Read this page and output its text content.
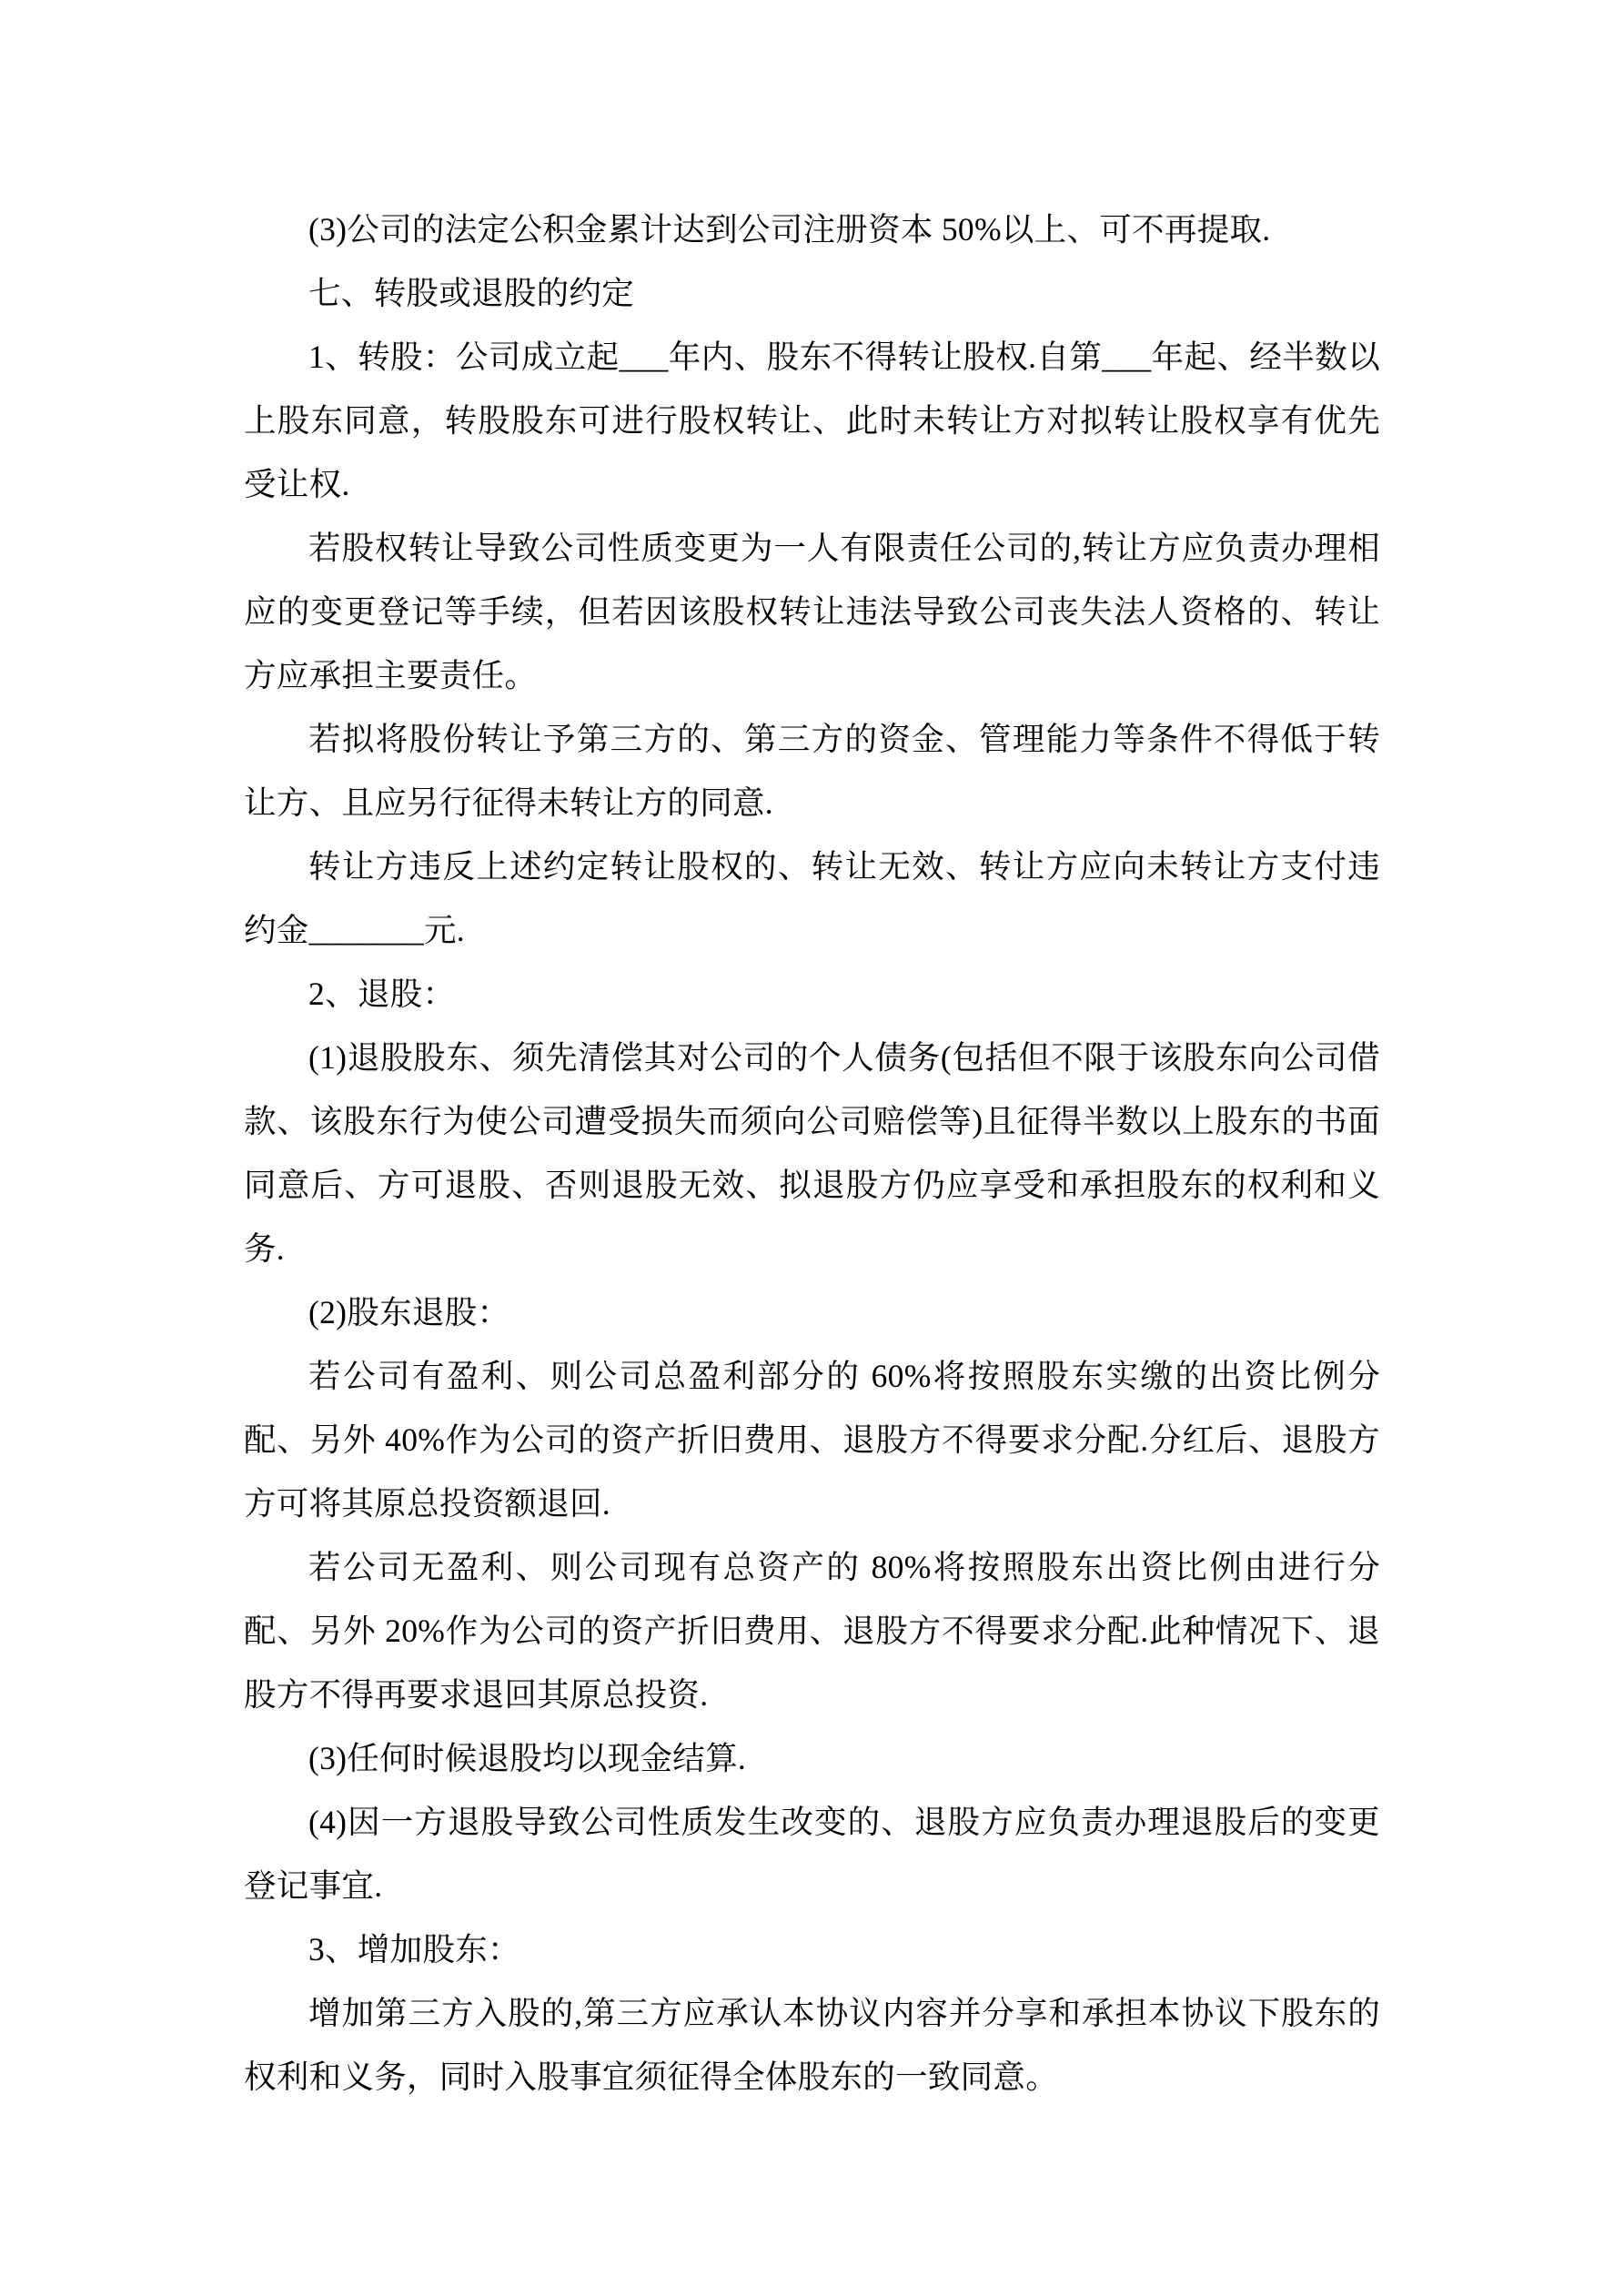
(3)公司的法定公积金累计达到公司注册资本 50%以上、可不再提取.

七、转股或退股的约定

1、转股：公司成立起___年内、股东不得转让股权.自第___年起、经半数以上股东同意，转股股东可进行股权转让、此时未转让方对拟转让股权享有优先受让权.

若股权转让导致公司性质变更为一人有限责任公司的,转让方应负责办理相应的变更登记等手续，但若因该股权转让违法导致公司丧失法人资格的、转让方应承担主要责任。

若拟将股份转让予第三方的、第三方的资金、管理能力等条件不得低于转让方、且应另行征得未转让方的同意.

转让方违反上述约定转让股权的、转让无效、转让方应向未转让方支付违约金_______元.

2、退股：

(1)退股股东、须先清偿其对公司的个人债务(包括但不限于该股东向公司借款、该股东行为使公司遭受损失而须向公司赔偿等)且征得半数以上股东的书面同意后、方可退股、否则退股无效、拟退股方仍应享受和承担股东的权利和义务.

(2)股东退股：

若公司有盈利、则公司总盈利部分的 60%将按照股东实缴的出资比例分配、另外 40%作为公司的资产折旧费用、退股方不得要求分配.分红后、退股方方可将其原总投资额退回.

若公司无盈利、则公司现有总资产的 80%将按照股东出资比例由进行分配、另外 20%作为公司的资产折旧费用、退股方不得要求分配.此种情况下、退股方不得再要求退回其原总投资.

(3)任何时候退股均以现金结算.

(4)因一方退股导致公司性质发生改变的、退股方应负责办理退股后的变更登记事宜.

3、增加股东：

增加第三方入股的,第三方应承认本协议内容并分享和承担本协议下股东的权利和义务，同时入股事宜须征得全体股东的一致同意。
